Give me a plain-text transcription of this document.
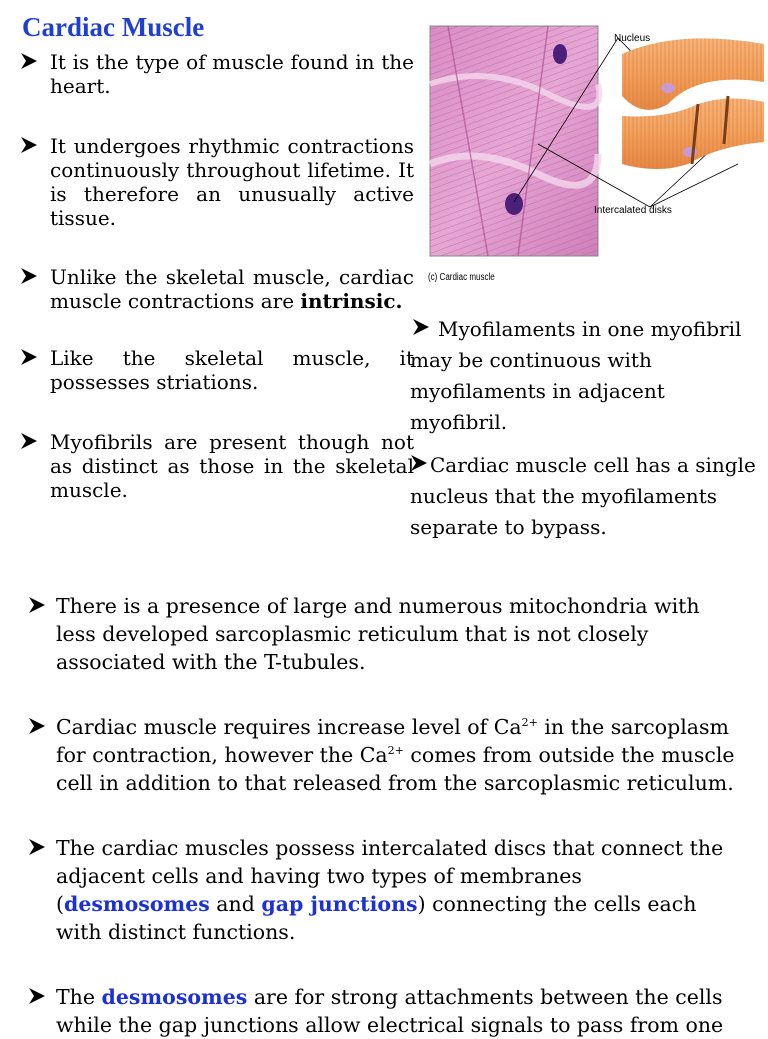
Cardiac Muscle
It is the type of muscle found in the heart.
It undergoes rhythmic contractions continuously throughout lifetime. It is therefore an unusually active tissue.
Unlike the skeletal muscle, cardiac muscle contractions are intrinsic.
Like the skeletal muscle, it possesses striations.
Myofibrils are present though not as distinct as those in the skeletal muscle.
Nucleus
Intercalated disks
(c) Cardiac muscle
Myofilaments in one myofibril may be continuous with myofilaments in adjacent myofibril.
Cardiac muscle cell has a single nucleus that the myofilaments separate to bypass.
There is a presence of large and numerous mitochondria with less developed sarcoplasmic reticulum that is not closely associated with the T-tubules.
Cardiac muscle requires increase level of $Ca^{2+}$ in the sarcoplasm for contraction, however the $Ca^{2+}$ comes from outside the muscle cell in addition to that released from the sarcoplasmic reticulum.
The cardiac muscles possess intercalated discs that connect the adjacent cells and having two types of membranes (desmosomes and gap junctions) connecting the cells each with distinct functions.
The desmosomes are for strong attachments between the cells while the gap junctions allow electrical signals to pass from one
